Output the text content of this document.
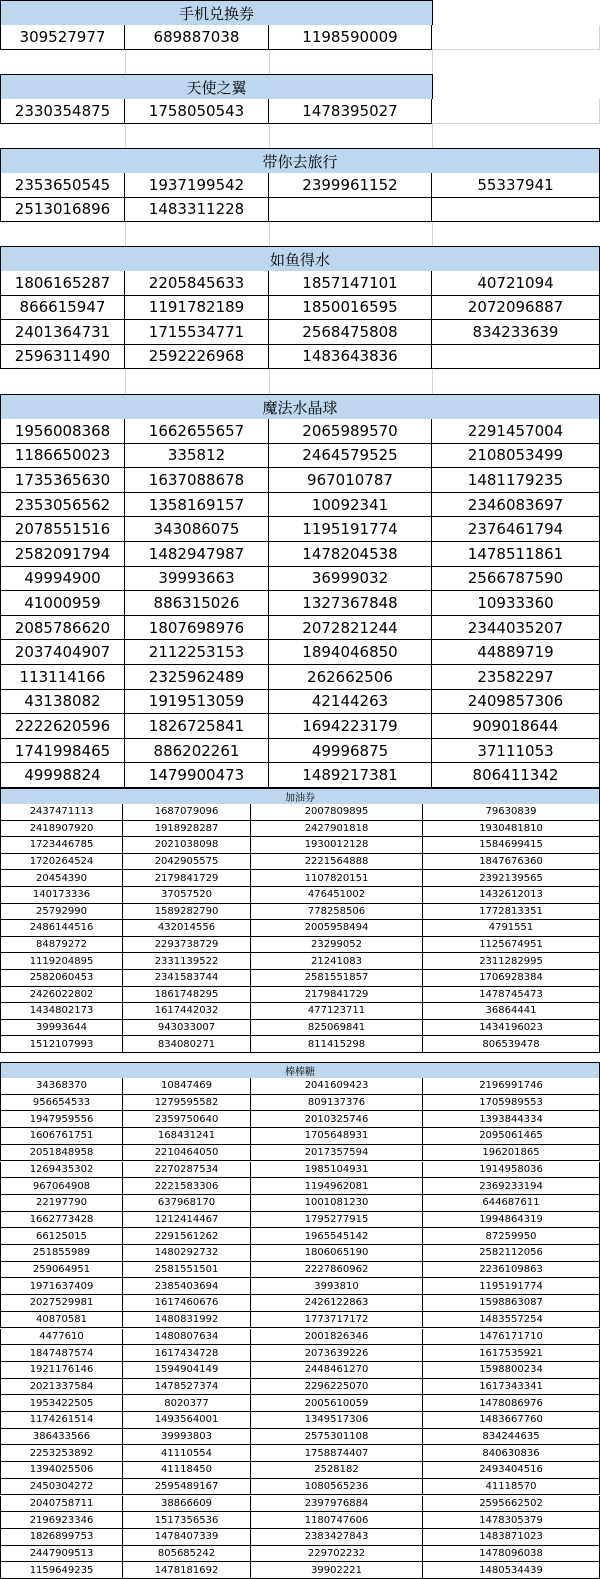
手机兑换券
309527977	689887038	1198590009
天使之翼
2330354875	1758050543	1478395027
带你去旅行
2353650545	1937199542	2399961152	55337941
2513016896	1483311228
如鱼得水
1806165287	2205845633	1857147101	40721094
866615947	1191782189	1850016595	2072096887
2401364731	1715534771	2568475808	834233639
2596311490	2592226968	1483643836
魔法水晶球
1956008368	1662655657	2065989570	2291457004
1186650023	335812	2464579525	2108053499
1735365630	1637088678	967010787	1481179235
2353056562	1358169157	10092341	2346083697
2078551516	343086075	1195191774	2376461794
2582091794	1482947987	1478204538	1478511861
49994900	39993663	36999032	2566787590
41000959	886315026	1327367848	10933360
2085786620	1807698976	2072821244	2344035207
2037404907	2112253153	1894046850	44889719
113114166	2325962489	262662506	23582297
43138082	1919513059	42144263	2409857306
2222620596	1826725841	1694223179	909018644
1741998465	886202261	49996875	37111053
49998824	1479900473	1489217381	806411342
加油券
2437471113	1687079096	2007809895	79630839
2418907920	1918928287	2427901818	1930481810
1723446785	2021038098	1930012128	1584699415
1720264524	2042905575	2221564888	1847676360
20454390	2179841729	1107820151	2392139565
140173336	37057520	476451002	1432612013
25792990	1589282790	778258506	1772813351
2486144516	432014556	2005958494	4791551
84879272	2293738729	23299052	1125674951
1119204895	2331139522	21241083	2311282995
2582060453	2341583744	2581551857	1706928384
2426022802	1861748295	2179841729	1478745473
1434802173	1617442032	477123711	36864441
39993644	943033007	825069841	1434196023
1512107993	834080271	811415298	806539478
棒棒糖
34368370	10847469	2041609423	2196991746
956654533	1279595582	809137376	1705989553
1947959556	2359750640	2010325746	1393844334
1606761751	168431241	1705648931	2095061465
2051848958	2210464050	2017357594	196201865
1269435302	2270287534	1985104931	1914958036
967064908	2221583306	1194962081	2369233194
22197790	637968170	1001081230	644687611
1662773428	1212414467	1795277915	1994864319
66125015	2291561262	1965545142	87259950
251855989	1480292732	1806065190	2582112056
259064951	2581551501	2227860962	2236109863
1971637409	2385403694	3993810	1195191774
2027529981	1617460676	2426122863	1598863087
40870581	1480831992	1773717172	1483557254
4477610	1480807634	2001826346	1476171710
1847487574	1617434728	2073639226	1617535921
1921176146	1594904149	2448461270	1598800234
2021337584	1478527374	2296225070	1617343341
1953422505	8020377	2005610059	1478086976
1174261514	1493564001	1349517306	1483667760
386433566	39993803	2575301108	834244635
2253253892	41110554	1758874407	840630836
1394025506	41118450	2528182	2493404516
2450304272	2595489167	1080565236	41118570
2040758711	38866609	2397976884	2595662502
2196923346	1517356536	1180747606	1478305379
1826899753	1478407339	2383427843	1483871023
2447909513	805685242	229702232	1478096038
1159649235	1478181692	39902221	1480534439
